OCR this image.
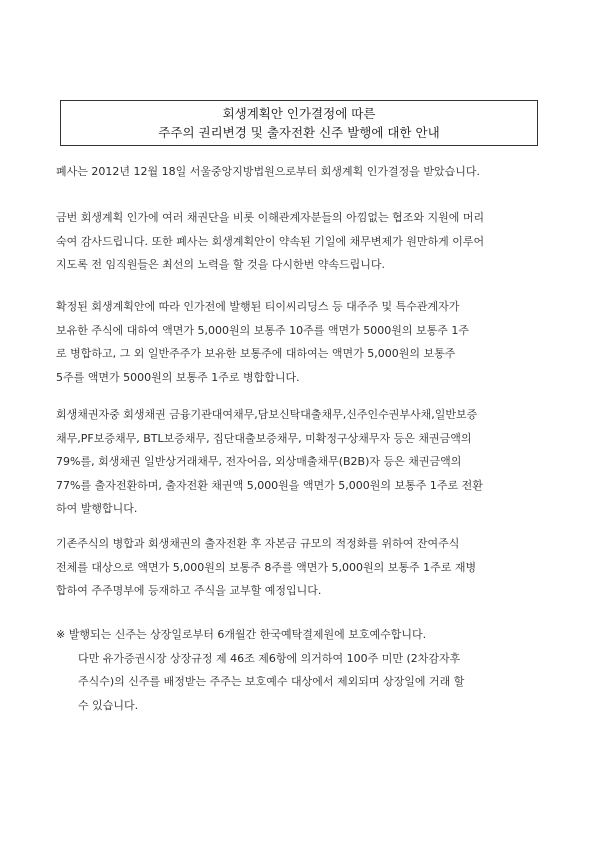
회생계획안 인가결정에 따른
주주의 권리변경 및 출자전환 신주 발행에 대한 안내
폐사는 2012년 12월 18일 서울중앙지방법원으로부터 회생계획 인가결정을 받았습니다.
금번 회생계획 인가에 여러 채권단을 비롯 이해관계자분들의 아낌없는 협조와 지원에 머리
숙여 감사드립니다. 또한 폐사는 회생계획안이 약속된 기일에 채무변제가 원만하게 이루어
지도록 전 임직원들은 최선의 노력을 할 것을 다시한번 약속드립니다.
확정된 회생계획안에 따라 인가전에 발행된 티이씨리딩스 등 대주주 및 특수관계자가
보유한 주식에 대하여 액면가 5,000원의 보통주 10주를 액면가 5000원의 보통주 1주
로 병합하고, 그 외 일반주주가 보유한 보통주에 대하여는 액면가 5,000원의 보통주
5주를 액면가 5000원의 보통주 1주로 병합합니다.
회생채권자중 회생채권 금융기관대여채무,담보신탁대출채무,신주인수권부사채,일반보증
채무,PF보증채무, BTL보증채무, 집단대출보증채무, 미확정구상채무자 등은 채권금액의
79%를, 회생채권 일반상거래채무, 전자어음, 외상매출채무(B2B)자 등은 채권금액의
77%를 출자전환하며, 출자전환 채권액 5,000원을 액면가 5,000원의 보통주 1주로 전환
하여 발행합니다.
기존주식의 병합과 회생채권의 출자전환 후 자본금 규모의 적정화를 위하여 잔여주식
전체를 대상으로 액면가 5,000원의 보통주 8주를 액면가 5,000원의 보통주 1주로 재병
합하여 주주명부에 등재하고 주식을 교부할 예정입니다.
※ 발행되는 신주는 상장일로부터 6개월간 한국예탁결제원에 보호예수합니다.
다만 유가증권시장 상장규정 제 46조 제6항에 의거하여 100주 미만 (2차감자후
주식수)의 신주를 배정받는 주주는 보호예수 대상에서 제외되며 상장일에 거래 할
수 있습니다.
